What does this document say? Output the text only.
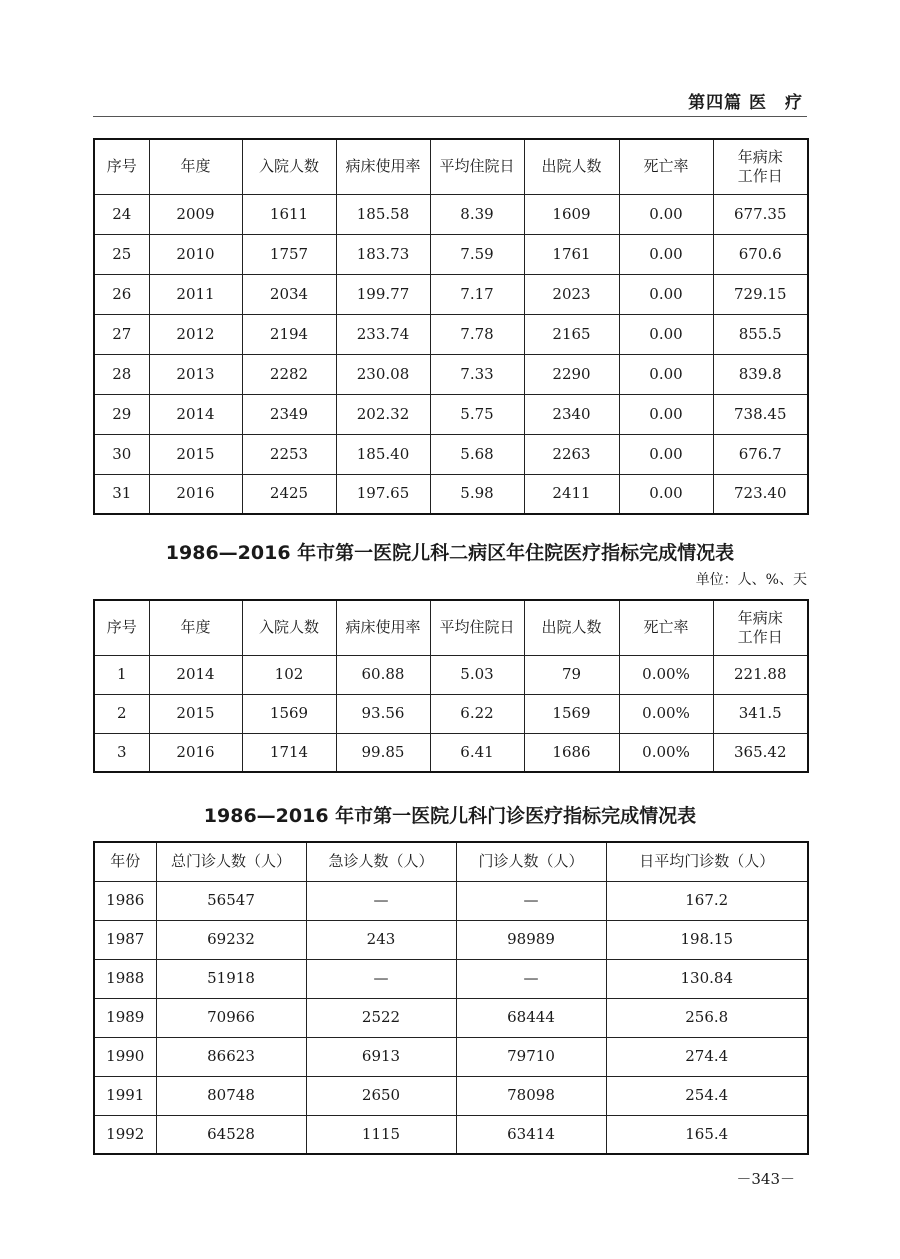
第四篇 医　疗
序号	年度	入院人数	病床使用率	平均住院日	出院人数	死亡率	年病床
工作日
24	2009	1611	185.58	8.39	1609	0.00	677.35
25	2010	1757	183.73	7.59	1761	0.00	670.6
26	2011	2034	199.77	7.17	2023	0.00	729.15
27	2012	2194	233.74	7.78	2165	0.00	855.5
28	2013	2282	230.08	7.33	2290	0.00	839.8
29	2014	2349	202.32	5.75	2340	0.00	738.45
30	2015	2253	185.40	5.68	2263	0.00	676.7
31	2016	2425	197.65	5.98	2411	0.00	723.40
1986—2016 年市第一医院儿科二病区年住院医疗指标完成情况表
单位：人、%、天
序号	年度	入院人数	病床使用率	平均住院日	出院人数	死亡率	年病床
工作日
1	2014	102	60.88	5.03	79	0.00%	221.88
2	2015	1569	93.56	6.22	1569	0.00%	341.5
3	2016	1714	99.85	6.41	1686	0.00%	365.42
1986—2016 年市第一医院儿科门诊医疗指标完成情况表
年份	总门诊人数（人）	急诊人数（人）	门诊人数（人）	日平均门诊数（人）
1986	56547	—	—	167.2
1987	69232	243	98989	198.15
1988	51918	—	—	130.84
1989	70966	2522	68444	256.8
1990	86623	6913	79710	274.4
1991	80748	2650	78098	254.4
1992	64528	1115	63414	165.4
－343－
